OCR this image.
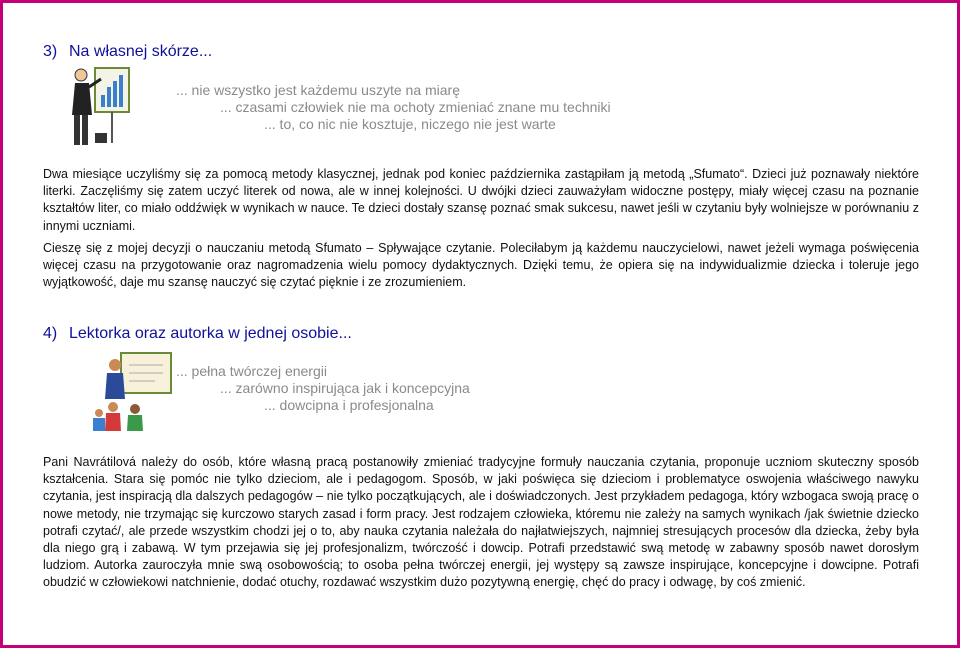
3) Na własnej skórze...
... nie wszystko jest każdemu uszyte na miarę
... czasami człowiek nie ma ochoty zmieniać znane mu techniki
... to, co nic nie kosztuje, niczego nie jest warte
Dwa miesiące uczyliśmy się za pomocą metody klasycznej, jednak pod koniec października zastąpiłam ją metodą „Sfumato“. Dzieci już poznawały niektóre literki. Zaczęliśmy się zatem uczyć literek od nowa, ale w innej kolejności. U dwójki dzieci zauważyłam widoczne postępy, miały więcej czasu na poznanie kształtów liter, co miało oddźwięk w wynikach w nauce. Te dzieci dostały szansę poznać smak sukcesu, nawet jeśli w czytaniu były wolniejsze w porównaniu z innymi uczniami.
Cieszę się z mojej decyzji o nauczaniu metodą Sfumato – Spływające czytanie. Poleciłabym ją każdemu nauczycielowi, nawet jeżeli wymaga poświęcenia więcej czasu na przygotowanie oraz nagromadzenia wielu pomocy dydaktycznych. Dzięki temu, że opiera się na indywidualizmie dziecka i toleruje jego wyjątkowość, daje mu szansę nauczyć się czytać pięknie i ze zrozumieniem.
4) Lektorka oraz autorka w jednej osobie...
... pełna twórczej energii
... zarówno inspirująca jak i koncepcyjna
... dowcipna i profesjonalna
Pani Navrátilová należy do osób, które własną pracą postanowiły zmieniać tradycyjne formuły nauczania czytania, proponuje uczniom skuteczny sposób kształcenia. Stara się pomóc nie tylko dzieciom, ale i pedagogom. Sposób, w jaki poświęca się dzieciom i problematyce oswojenia właściwego nawyku czytania, jest inspiracją dla dalszych pedagogów – nie tylko początkujących, ale i doświadczonych. Jest przykładem pedagoga, który wzbogaca swoją pracę o nowe metody, nie trzymając się kurczowo starych zasad i form pracy. Jest rodzajem człowieka, któremu nie zależy na samych wynikach /jak świetnie dziecko potrafi czytać/, ale przede wszystkim chodzi jej o to, aby nauka czytania należała do najłatwiejszych, najmniej stresujących procesów dla dziecka, żeby była dla niego grą i zabawą. W tym przejawia się jej profesjonalizm, twórczość i dowcip. Potrafi przedstawić swą metodę w zabawny sposób nawet dorosłym ludziom. Autorka zauroczyła mnie swą osobowością; to osoba pełna twórczej energii, jej występy są zawsze inspirujące, koncepcyjne i dowcipne. Potrafi obudzić w człowiekowi natchnienie, dodać otuchy, rozdawać wszystkim dużo pozytywną energię, chęć do pracy i odwagę, by coś zmienić.
